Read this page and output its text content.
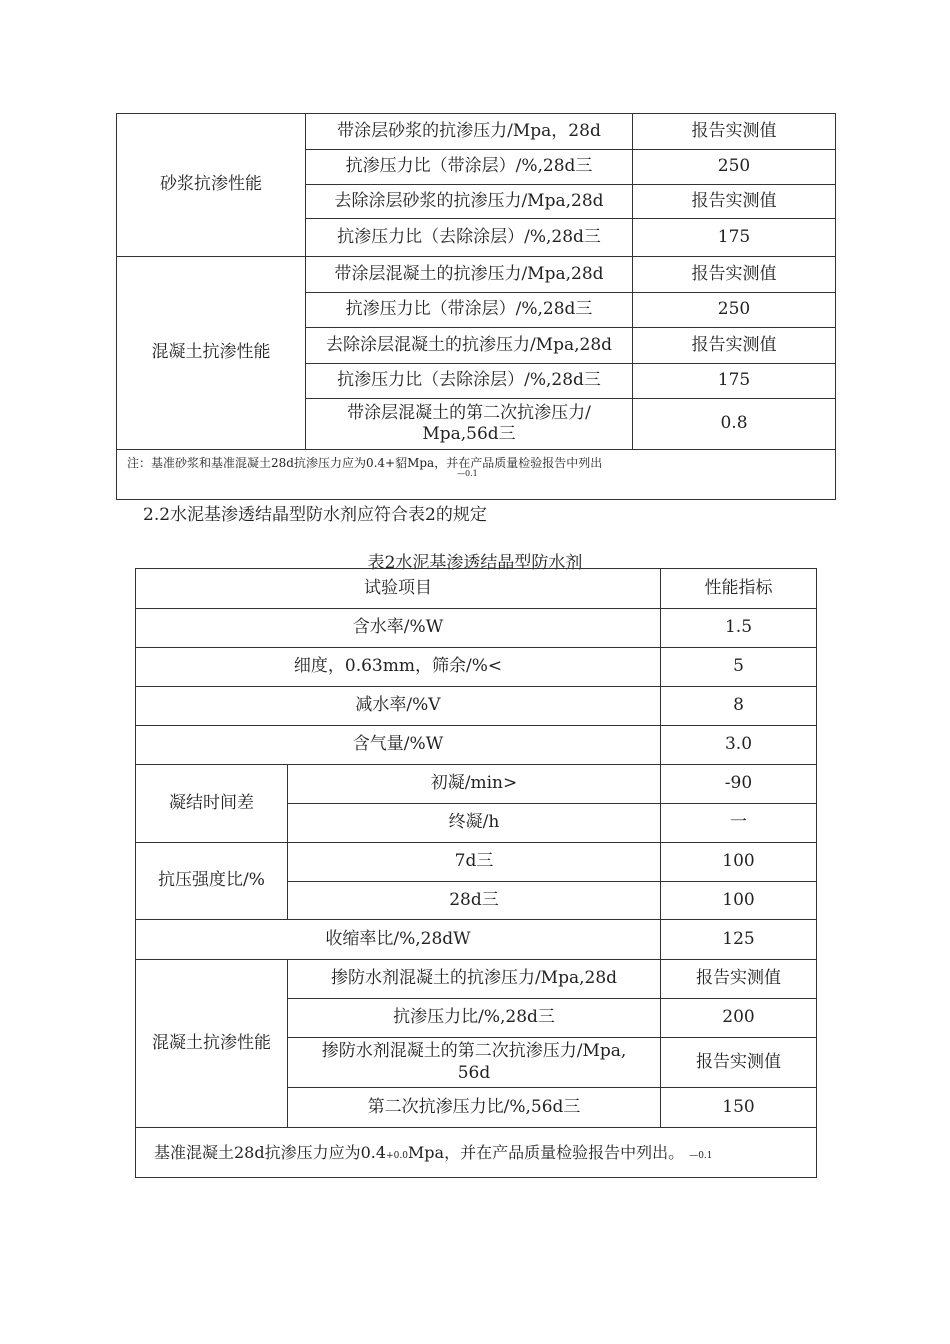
砂浆抗渗性能	带涂层砂浆的抗渗压力/Mpa，28d	报告实测值
	抗渗压力比（带涂层）/%,28d三	250
	去除涂层砂浆的抗渗压力/Mpa,28d	报告实测值
	抗渗压力比（去除涂层）/%,28d三	175
混凝土抗渗性能	带涂层混凝土的抗渗压力/Mpa,28d	报告实测值
	抗渗压力比（带涂层）/%,28d三	250
	去除涂层混凝土的抗渗压力/Mpa,28d	报告实测值
	抗渗压力比（去除涂层）/%,28d三	175
	带涂层混凝土的第二次抗渗压力/
Mpa,56d三	0.8
注：基准砂浆和基准混凝土28d抗渗压力应为0.4+貂Mpa，并在产品质量检验报告中列出
—0.1		
2.2水泥基渗透结晶型防水剂应符合表2的规定
表2水泥基渗透结晶型防水剂
试验项目		性能指标
含水率/%W		1.5
细度，0.63mm，筛余/%<		5
减水率/%V		8
含气量/%W		3.0
凝结时间差	初凝/min>	-90
	终凝/h	一
抗压强度比/%	7d三	100
	28d三	100
收缩率比/%,28dW		125
混凝土抗渗性能	掺防水剂混凝土的抗渗压力/Mpa,28d	报告实测值
	抗渗压力比/%,28d三	200
	掺防水剂混凝土的第二次抗渗压力/Mpa,
56d	报告实测值
	第二次抗渗压力比/%,56d三	150
基准混凝土28d抗渗压力应为0.4+0.0Mpa，并在产品质量检验报告中列出。 —0.1		
